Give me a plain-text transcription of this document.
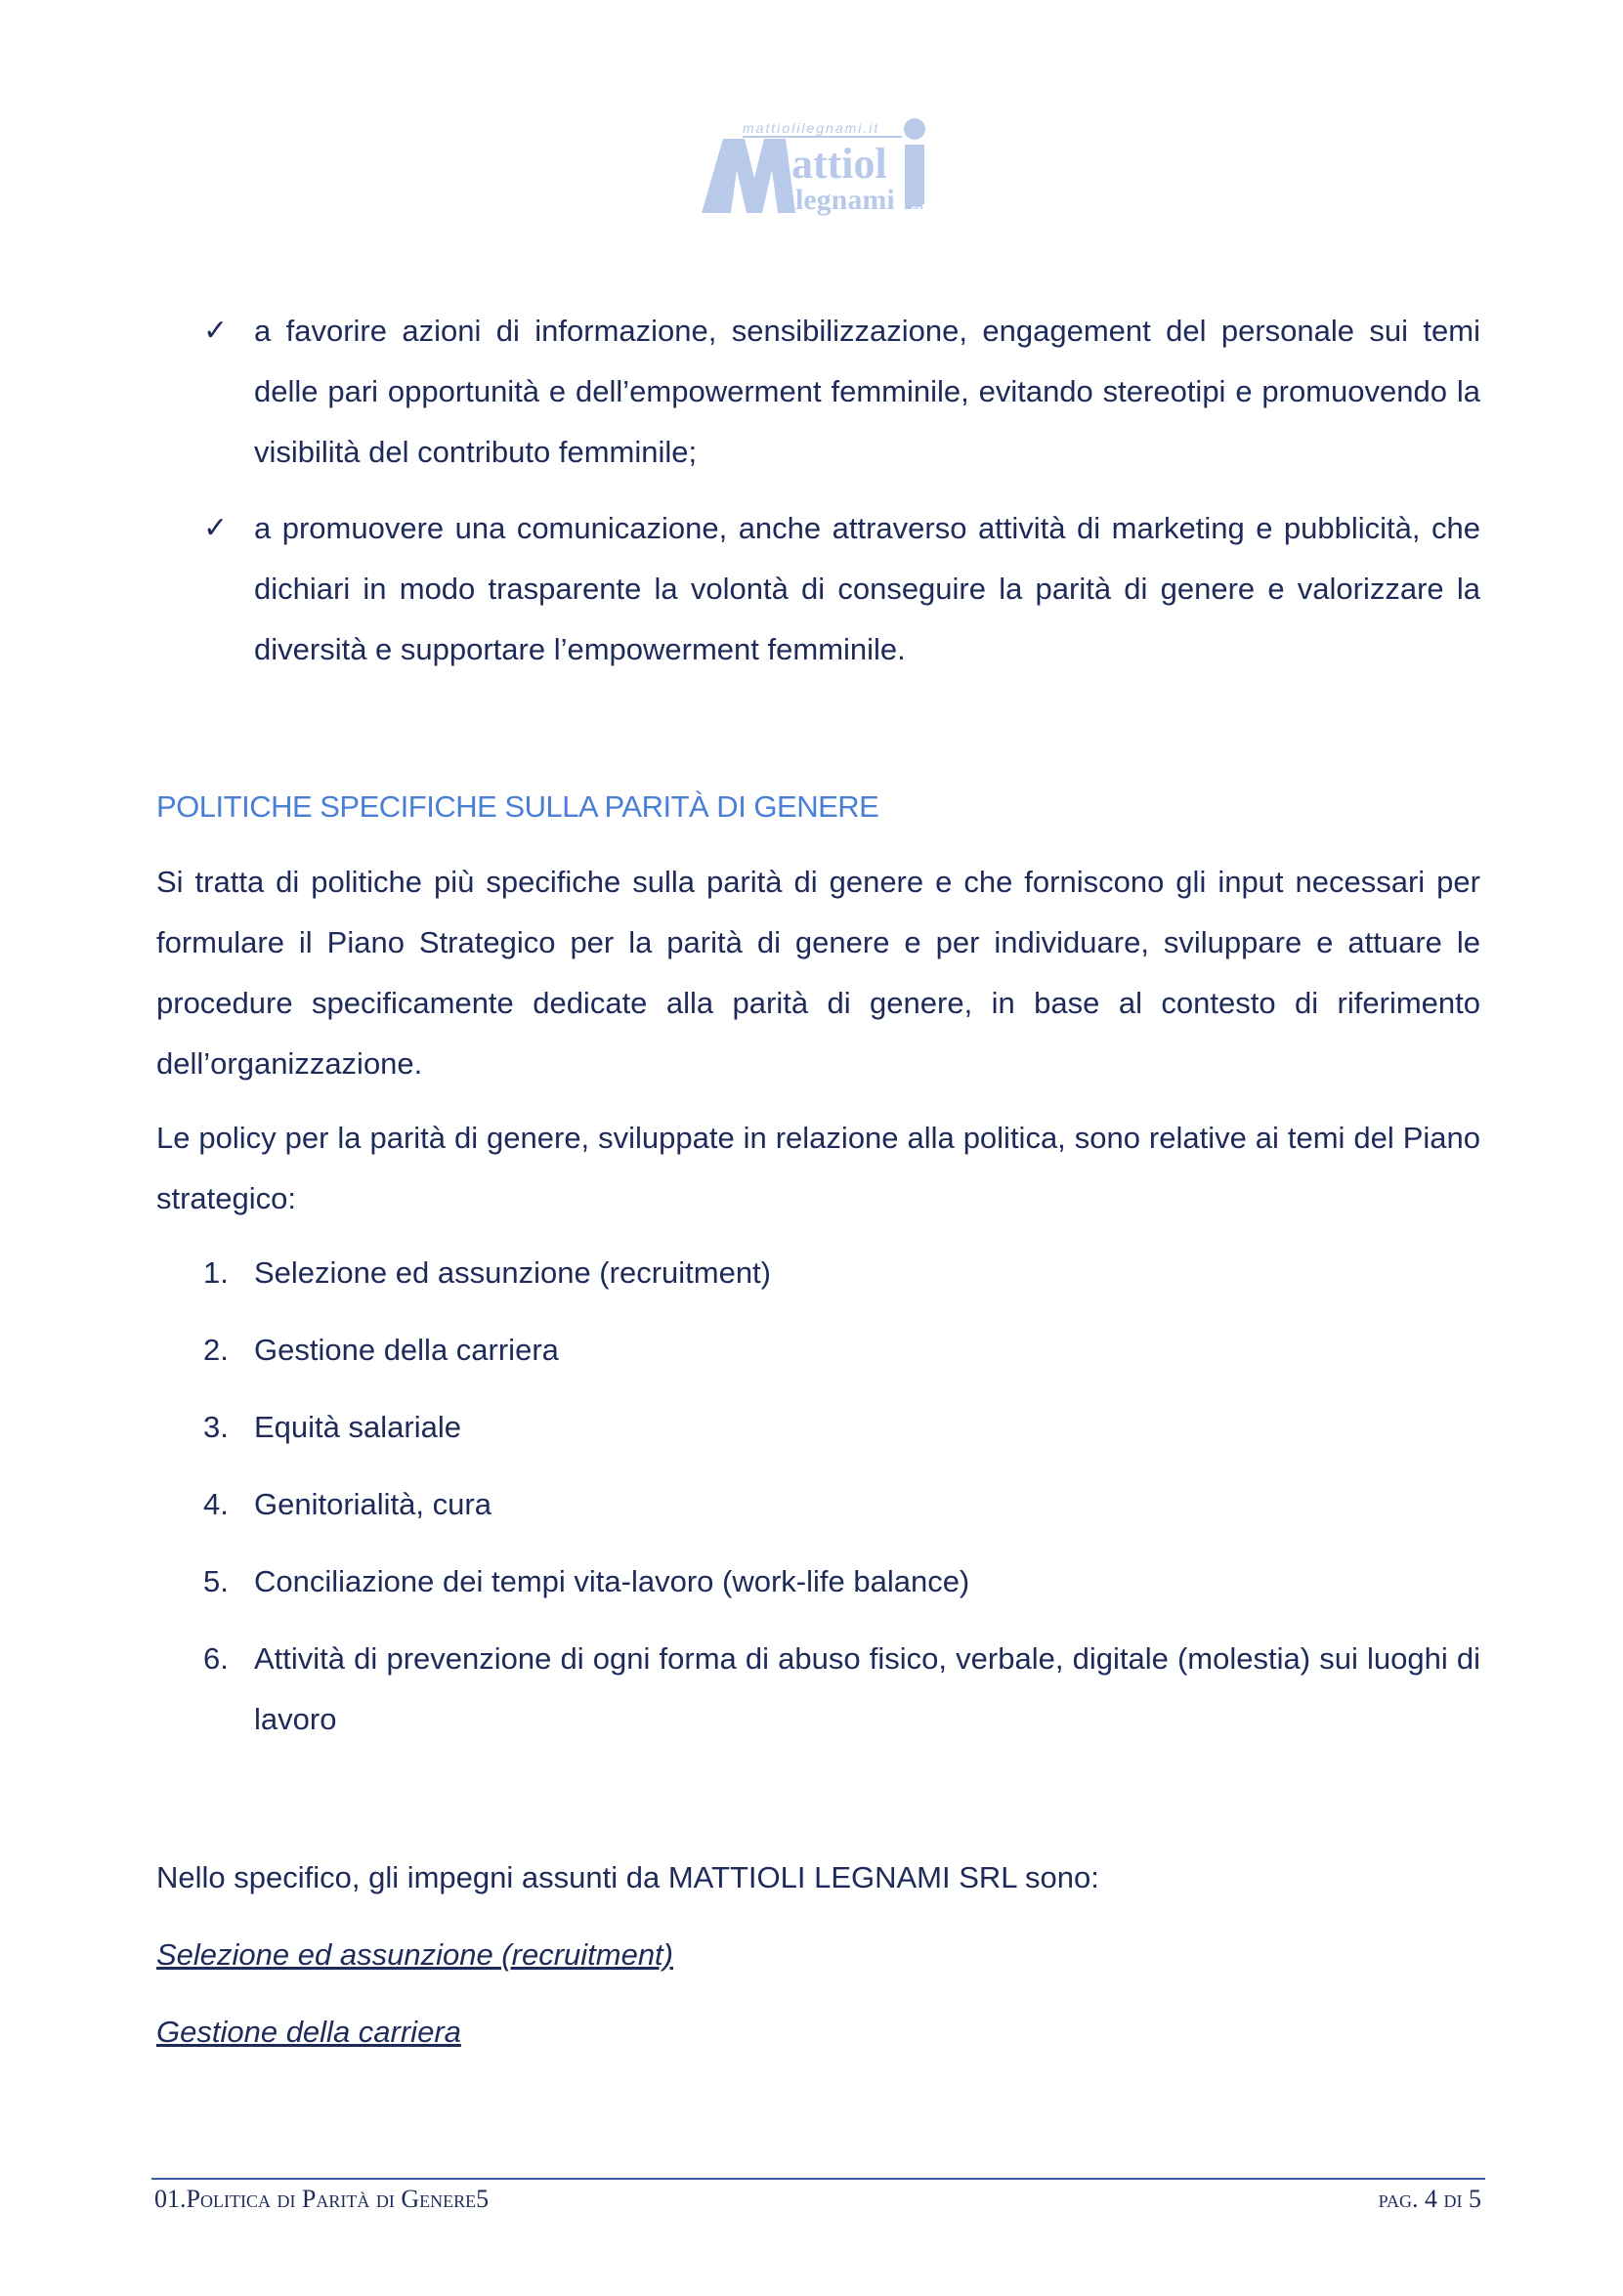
mattiolilegnami.it
attiol
legnami srl
✓ a favorire azioni di informazione, sensibilizzazione, engagement del personale sui temi delle pari opportunità e dell’empowerment femminile, evitando stereotipi e promuovendo la visibilità del contributo femminile;

✓ a promuovere una comunicazione, anche attraverso attività di marketing e pubblicità, che dichiari in modo trasparente la volontà di conseguire la parità di genere e valorizzare la diversità e supportare l’empowerment femminile.

POLITICHE SPECIFICHE SULLA PARITÀ DI GENERE

Si tratta di politiche più specifiche sulla parità di genere e che forniscono gli input necessari per formulare il Piano Strategico per la parità di genere e per individuare, sviluppare e attuare le procedure specificamente dedicate alla parità di genere, in base al contesto di riferimento dell’organizzazione.

Le policy per la parità di genere, sviluppate in relazione alla politica, sono relative ai temi del Piano strategico:

1. Selezione ed assunzione (recruitment)

2. Gestione della carriera

3. Equità salariale

4. Genitorialità, cura

5. Conciliazione dei tempi vita-lavoro (work-life balance)

6. Attività di prevenzione di ogni forma di abuso fisico, verbale, digitale (molestia) sui luoghi di lavoro

Nello specifico, gli impegni assunti da MATTIOLI LEGNAMI SRL sono:

Selezione ed assunzione (recruitment)
Gestione della carriera
01.Politica di Parità di Genere5	pag. 4 di 5
